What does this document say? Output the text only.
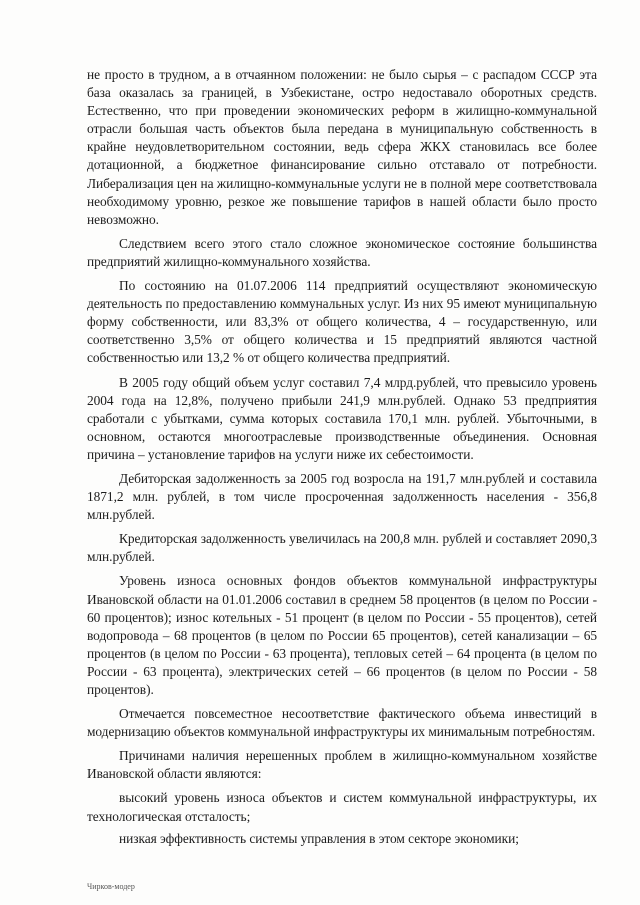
не просто в трудном, а в отчаянном положении: не было сырья – с распадом СССР эта база оказалась за границей, в Узбекистане, остро недоставало оборотных средств. Естественно, что при проведении экономических реформ в жилищно-коммунальной отрасли большая часть объектов была передана в муниципальную собственность в крайне неудовлетворительном состоянии, ведь сфера ЖКХ становилась все более дотационной, а бюджетное финансирование сильно отставало от потребности. Либерализация цен на жилищно-коммунальные услуги не в полной мере соответствовала необходимому уровню, резкое же повышение тарифов в нашей области было просто невозможно.

Следствием всего этого стало сложное экономическое состояние большинства предприятий жилищно-коммунального хозяйства.

По состоянию на 01.07.2006 114 предприятий осуществляют экономическую деятельность по предоставлению коммунальных услуг. Из них 95 имеют муниципальную форму собственности, или 83,3% от общего количества, 4 – государственную, или соответственно 3,5% от общего количества и 15 предприятий являются частной собственностью или 13,2 % от общего количества предприятий.

В 2005 году общий объем услуг составил 7,4 млрд.рублей, что превысило уровень 2004 года на 12,8%, получено прибыли 241,9 млн.рублей. Однако 53 предприятия сработали с убытками, сумма которых составила 170,1 млн. рублей. Убыточными, в основном, остаются многоотраслевые производственные объединения. Основная причина – установление тарифов на услуги ниже их себестоимости.

Дебиторская задолженность за 2005 год возросла на 191,7 млн.рублей и составила 1871,2 млн. рублей, в том числе просроченная задолженность населения - 356,8 млн.рублей.

Кредиторская задолженность увеличилась на 200,8 млн. рублей и составляет 2090,3 млн.рублей.

Уровень износа основных фондов объектов коммунальной инфраструктуры Ивановской области на 01.01.2006 составил в среднем 58 процентов (в целом по России - 60 процентов); износ котельных - 51 процент (в целом по России - 55 процентов), сетей водопровода – 68 процентов (в целом по России 65 процентов), сетей канализации – 65 процентов (в целом по России - 63 процента), тепловых сетей – 64 процента (в целом по России - 63 процента), электрических сетей – 66 процентов (в целом по России - 58 процентов).

Отмечается повсеместное несоответствие фактического объема инвестиций в модернизацию объектов коммунальной инфраструктуры их минимальным потребностям.

Причинами наличия нерешенных проблем в жилищно-коммунальном хозяйстве Ивановской области являются:

высокий уровень износа объектов и систем коммунальной инфраструктуры, их технологическая отсталость;

низкая эффективность системы управления в этом секторе экономики;

Чирков-модер
